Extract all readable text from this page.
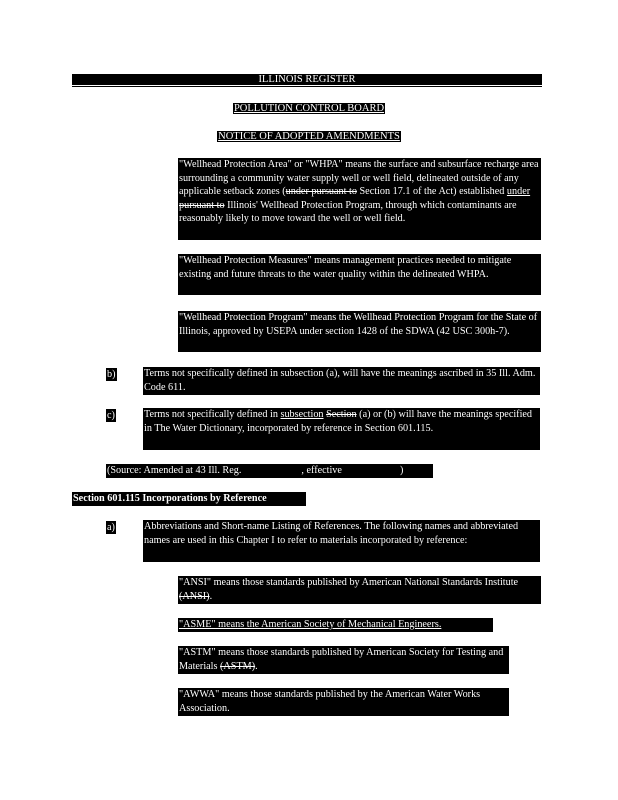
ILLINOIS REGISTER
POLLUTION CONTROL BOARD
NOTICE OF ADOPTED AMENDMENTS
"Wellhead Protection Area" or "WHPA" means the surface and subsurface recharge area surrounding a community water supply well or well field, delineated outside of any applicable setback zones (under pursuant to Section 17.1 of the Act) established under pursuant to Illinois' Wellhead Protection Program, through which contaminants are reasonably likely to move toward the well or well field.
"Wellhead Protection Measures" means management practices needed to mitigate existing and future threats to the water quality within the delineated WHPA.
"Wellhead Protection Program" means the Wellhead Protection Program for the State of Illinois, approved by USEPA under section 1428 of the SDWA (42 USC 300h-7).
b)	Terms not specifically defined in subsection (a), will have the meanings ascribed in 35 Ill. Adm. Code 611.
c)	Terms not specifically defined in subsection Section (a) or (b) will have the meanings specified in The Water Dictionary, incorporated by reference in Section 601.115.
(Source: Amended at 43 Ill. Reg.	, effective	)
Section 601.115 Incorporations by Reference
a)	Abbreviations and Short-name Listing of References. The following names and abbreviated names are used in this Chapter I to refer to materials incorporated by reference:
"ANSI" means those standards published by American National Standards Institute (ANSI).
"ASME" means the American Society of Mechanical Engineers.
"ASTM" means those standards published by American Society for Testing and Materials (ASTM).
"AWWA" means those standards published by the American Water Works Association.
